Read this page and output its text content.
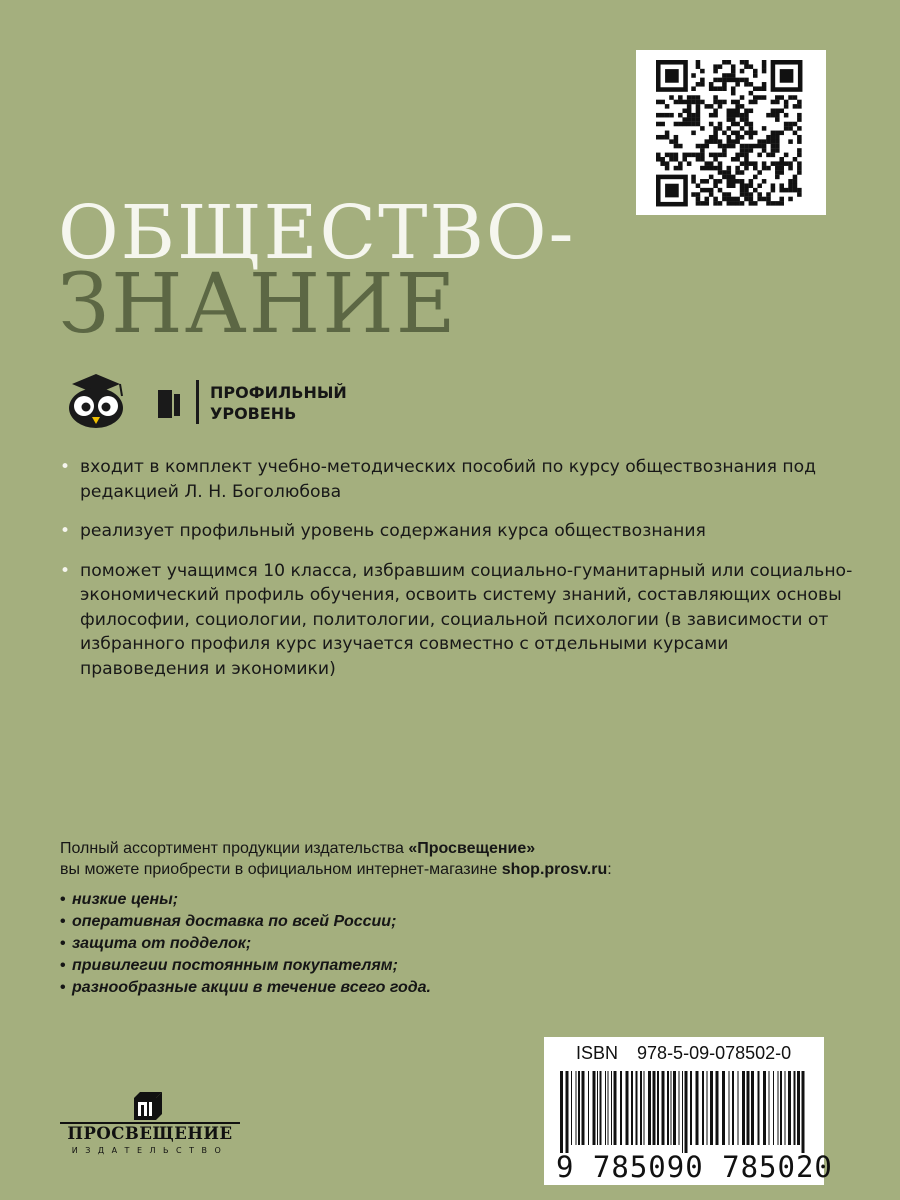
ОБЩЕСТВО-
ЗНАНИЕ
ПРОФИЛЬНЫЙ
УРОВЕНЬ
• входит в комплект учебно-методических пособий по курсу обществознания под редакцией Л. Н. Боголюбова
• реализует профильный уровень содержания курса обществознания
• поможет учащимся 10 класса, избравшим социально-гуманитарный или социально-экономический профиль обучения, освоить систему знаний, составляющих основы философии, социологии, политологии, социальной психологии (в зависимости от избранного профиля курс изучается совместно с отдельными курсами правоведения и экономики)
Полный ассортимент продукции издательства «Просвещение»
вы можете приобрести в официальном интернет-магазине shop.prosv.ru:
• низкие цены;
• оперативная доставка по всей России;
• защита от подделок;
• привилегии постоянным покупателям;
• разнообразные акции в течение всего года.
ПРОСВЕЩЕНИЕ
ИЗДАТЕЛЬСТВО
ISBN 978-5-09-078502-0
9 785090 785020
